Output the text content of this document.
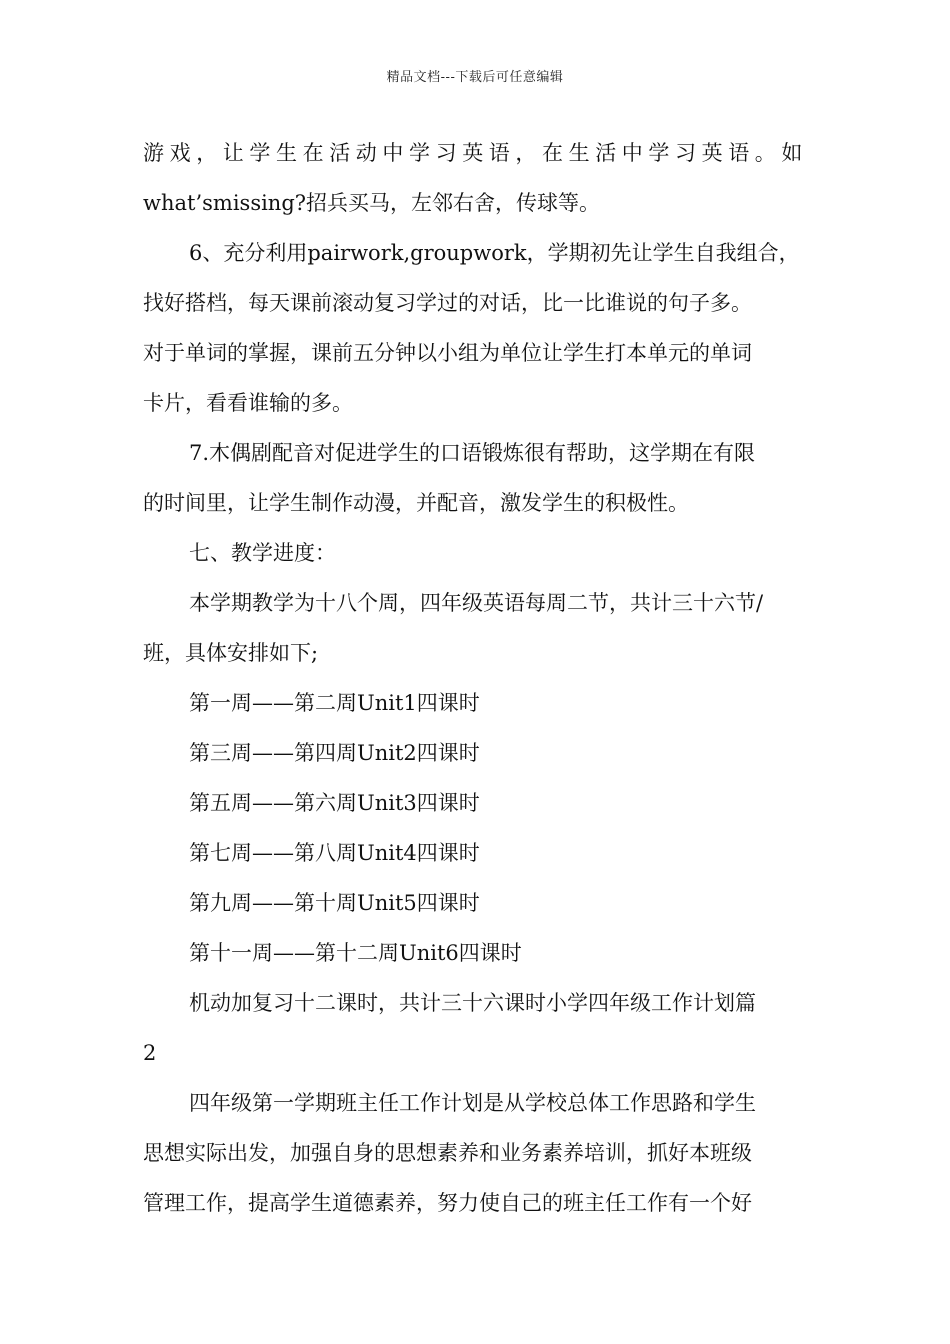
精品文档---下载后可任意编辑
游戏，让学生在活动中学习英语，在生活中学习英语。如
what’smissing?招兵买马，左邻右舍，传球等。
6、充分利用pairwork,groupwork，学期初先让学生自我组合，
找好搭档，每天课前滚动复习学过的对话，比一比谁说的句子多。
对于单词的掌握，课前五分钟以小组为单位让学生打本单元的单词
卡片，看看谁输的多。
7.木偶剧配音对促进学生的口语锻炼很有帮助，这学期在有限
的时间里，让学生制作动漫，并配音，激发学生的积极性。
七、教学进度：
本学期教学为十八个周，四年级英语每周二节，共计三十六节/
班，具体安排如下;
第一周——第二周Unit1四课时
第三周——第四周Unit2四课时
第五周——第六周Unit3四课时
第七周——第八周Unit4四课时
第九周——第十周Unit5四课时
第十一周——第十二周Unit6四课时
机动加复习十二课时，共计三十六课时小学四年级工作计划篇
2
四年级第一学期班主任工作计划是从学校总体工作思路和学生
思想实际出发，加强自身的思想素养和业务素养培训，抓好本班级
管理工作，提高学生道德素养，努力使自己的班主任工作有一个好
